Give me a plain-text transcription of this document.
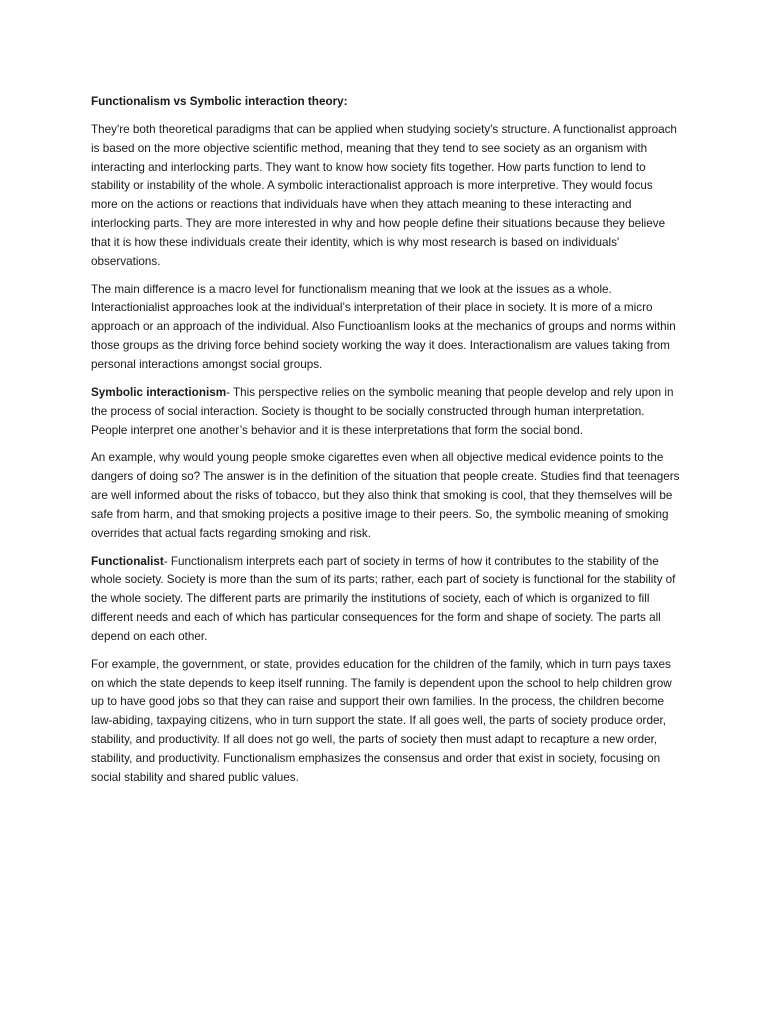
Functionalism vs Symbolic interaction theory:

They're both theoretical paradigms that can be applied when studying society's structure. A functionalist approach is based on the more objective scientific method, meaning that they tend to see society as an organism with interacting and interlocking parts. They want to know how society fits together. How parts function to lend to stability or instability of the whole. A symbolic interactionalist approach is more interpretive. They would focus more on the actions or reactions that individuals have when they attach meaning to these interacting and interlocking parts. They are more interested in why and how people define their situations because they believe that it is how these individuals create their identity, which is why most research is based on individuals' observations.

The main difference is a macro level for functionalism meaning that we look at the issues as a whole. Interactionialist approaches look at the individual’s interpretation of their place in society. It is more of a micro approach or an approach of the individual. Also Functioanlism looks at the mechanics of groups and norms within those groups as the driving force behind society working the way it does. Interactionalism are values taking from personal interactions amongst social groups.

Symbolic interactionism- This perspective relies on the symbolic meaning that people develop and rely upon in the process of social interaction. Society is thought to be socially constructed through human interpretation. People interpret one another’s behavior and it is these interpretations that form the social bond.

An example, why would young people smoke cigarettes even when all objective medical evidence points to the dangers of doing so? The answer is in the definition of the situation that people create. Studies find that teenagers are well informed about the risks of tobacco, but they also think that smoking is cool, that they themselves will be safe from harm, and that smoking projects a positive image to their peers. So, the symbolic meaning of smoking overrides that actual facts regarding smoking and risk.

Functionalist- Functionalism interprets each part of society in terms of how it contributes to the stability of the whole society. Society is more than the sum of its parts; rather, each part of society is functional for the stability of the whole society. The different parts are primarily the institutions of society, each of which is organized to fill different needs and each of which has particular consequences for the form and shape of society. The parts all depend on each other.

For example, the government, or state, provides education for the children of the family, which in turn pays taxes on which the state depends to keep itself running. The family is dependent upon the school to help children grow up to have good jobs so that they can raise and support their own families. In the process, the children become law-abiding, taxpaying citizens, who in turn support the state. If all goes well, the parts of society produce order, stability, and productivity. If all does not go well, the parts of society then must adapt to recapture a new order, stability, and productivity. Functionalism emphasizes the consensus and order that exist in society, focusing on social stability and shared public values.
